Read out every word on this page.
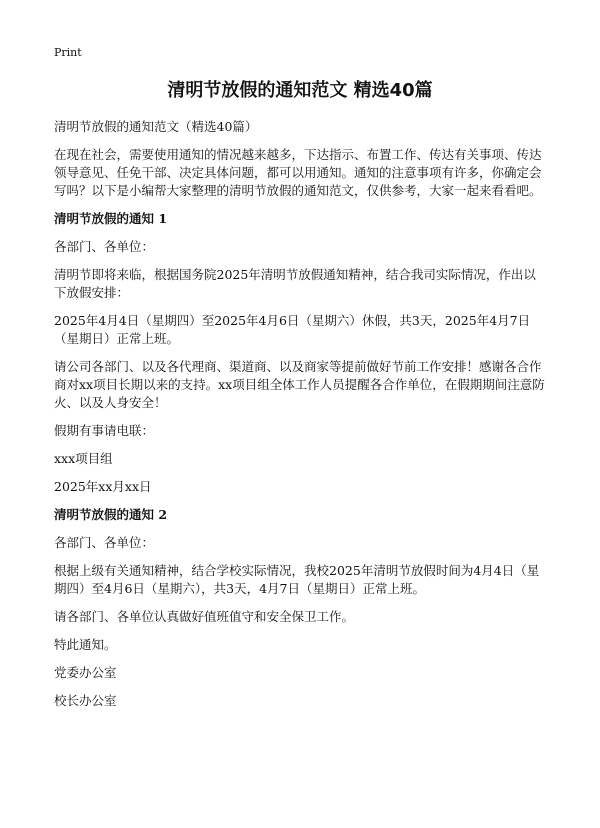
Print
清明节放假的通知范文 精选40篇

清明节放假的通知范文（精选40篇）

在现在社会，需要使用通知的情况越来越多，下达指示、布置工作、传达有关事项、传达领导意见、任免干部、决定具体问题，都可以用通知。通知的注意事项有许多，你确定会写吗？以下是小编帮大家整理的清明节放假的通知范文，仅供参考，大家一起来看看吧。

清明节放假的通知 1

各部门、各单位：

清明节即将来临，根据国务院2025年清明节放假通知精神，结合我司实际情况，作出以下放假安排：

2025年4月4日（星期四）至2025年4月6日（星期六）休假，共3天，2025年4月7日（星期日）正常上班。

请公司各部门、以及各代理商、渠道商、以及商家等提前做好节前工作安排！感谢各合作商对xx项目长期以来的支持。xx项目组全体工作人员提醒各合作单位，在假期期间注意防火、以及人身安全！

假期有事请电联：

xxx项目组

2025年xx月xx日

清明节放假的通知 2

各部门、各单位：

根据上级有关通知精神，结合学校实际情况，我校2025年清明节放假时间为4月4日（星期四）至4月6日（星期六），共3天，4月7日（星期日）正常上班。

请各部门、各单位认真做好值班值守和安全保卫工作。

特此通知。

党委办公室

校长办公室
